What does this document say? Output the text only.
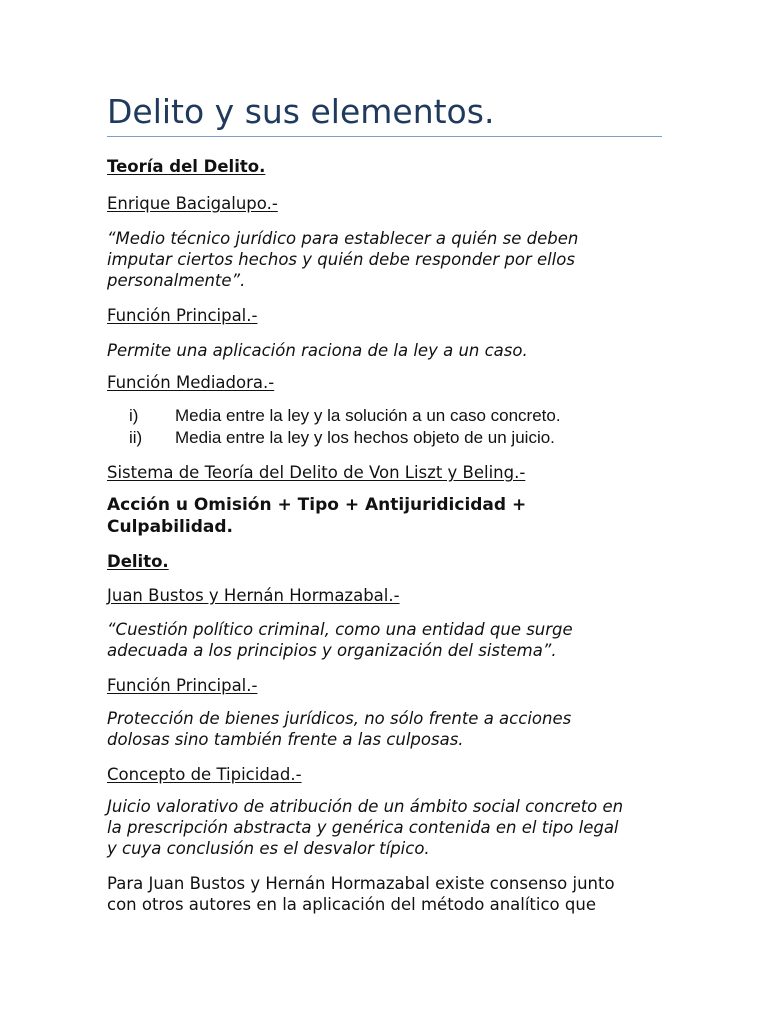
Delito y sus elementos.

Teoría del Delito.

Enrique Bacigalupo.-

“Medio técnico jurídico para establecer a quién se deben

imputar ciertos hechos y quién debe responder por ellos

personalmente”.

Función Principal.-

Permite una aplicación raciona de la ley a un caso.

Función Mediadora.-

i)	Media entre la ley y la solución a un caso concreto.
ii)	Media entre la ley y los hechos objeto de un juicio.

Sistema de Teoría del Delito de Von Liszt y Beling.-

Acción u Omisión + Tipo + Antijuridicidad +

Culpabilidad.

Delito.

Juan Bustos y Hernán Hormazabal.-

“Cuestión político criminal, como una entidad que surge

adecuada a los principios y organización del sistema”.

Función Principal.-

Protección de bienes jurídicos, no sólo frente a acciones

dolosas sino también frente a las culposas.

Concepto de Tipicidad.-

Juicio valorativo de atribución de un ámbito social concreto en

la prescripción abstracta y genérica contenida en el tipo legal

y cuya conclusión es el desvalor típico.

Para Juan Bustos y Hernán Hormazabal existe consenso junto

con otros autores en la aplicación del método analítico que
